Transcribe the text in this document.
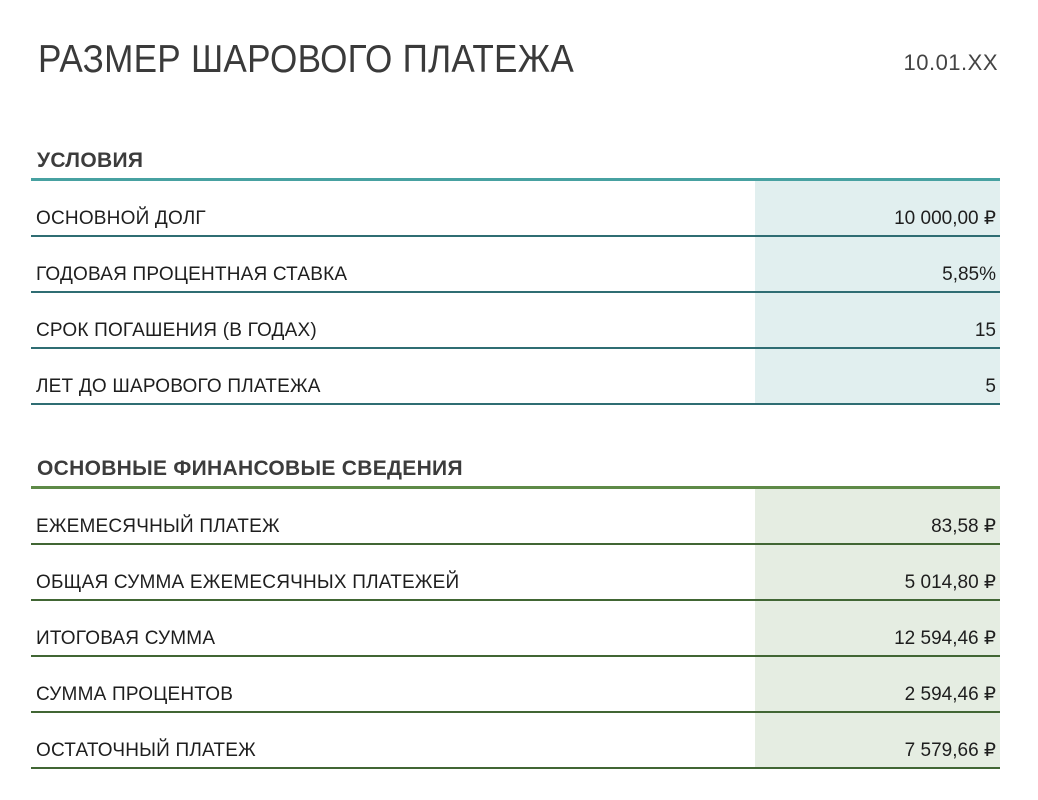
РАЗМЕР ШАРОВОГО ПЛАТЕЖА	10.01.XX
УСЛОВИЯ
ОСНОВНОЙ ДОЛГ	10 000,00 ₽
ГОДОВАЯ ПРОЦЕНТНАЯ СТАВКА	5,85%
СРОК ПОГАШЕНИЯ (В ГОДАХ)	15
ЛЕТ ДО ШАРОВОГО ПЛАТЕЖА	5
ОСНОВНЫЕ ФИНАНСОВЫЕ СВЕДЕНИЯ
ЕЖЕМЕСЯЧНЫЙ ПЛАТЕЖ	83,58 ₽
ОБЩАЯ СУММА ЕЖЕМЕСЯЧНЫХ ПЛАТЕЖЕЙ	5 014,80 ₽
ИТОГОВАЯ СУММА	12 594,46 ₽
СУММА ПРОЦЕНТОВ	2 594,46 ₽
ОСТАТОЧНЫЙ ПЛАТЕЖ	7 579,66 ₽
